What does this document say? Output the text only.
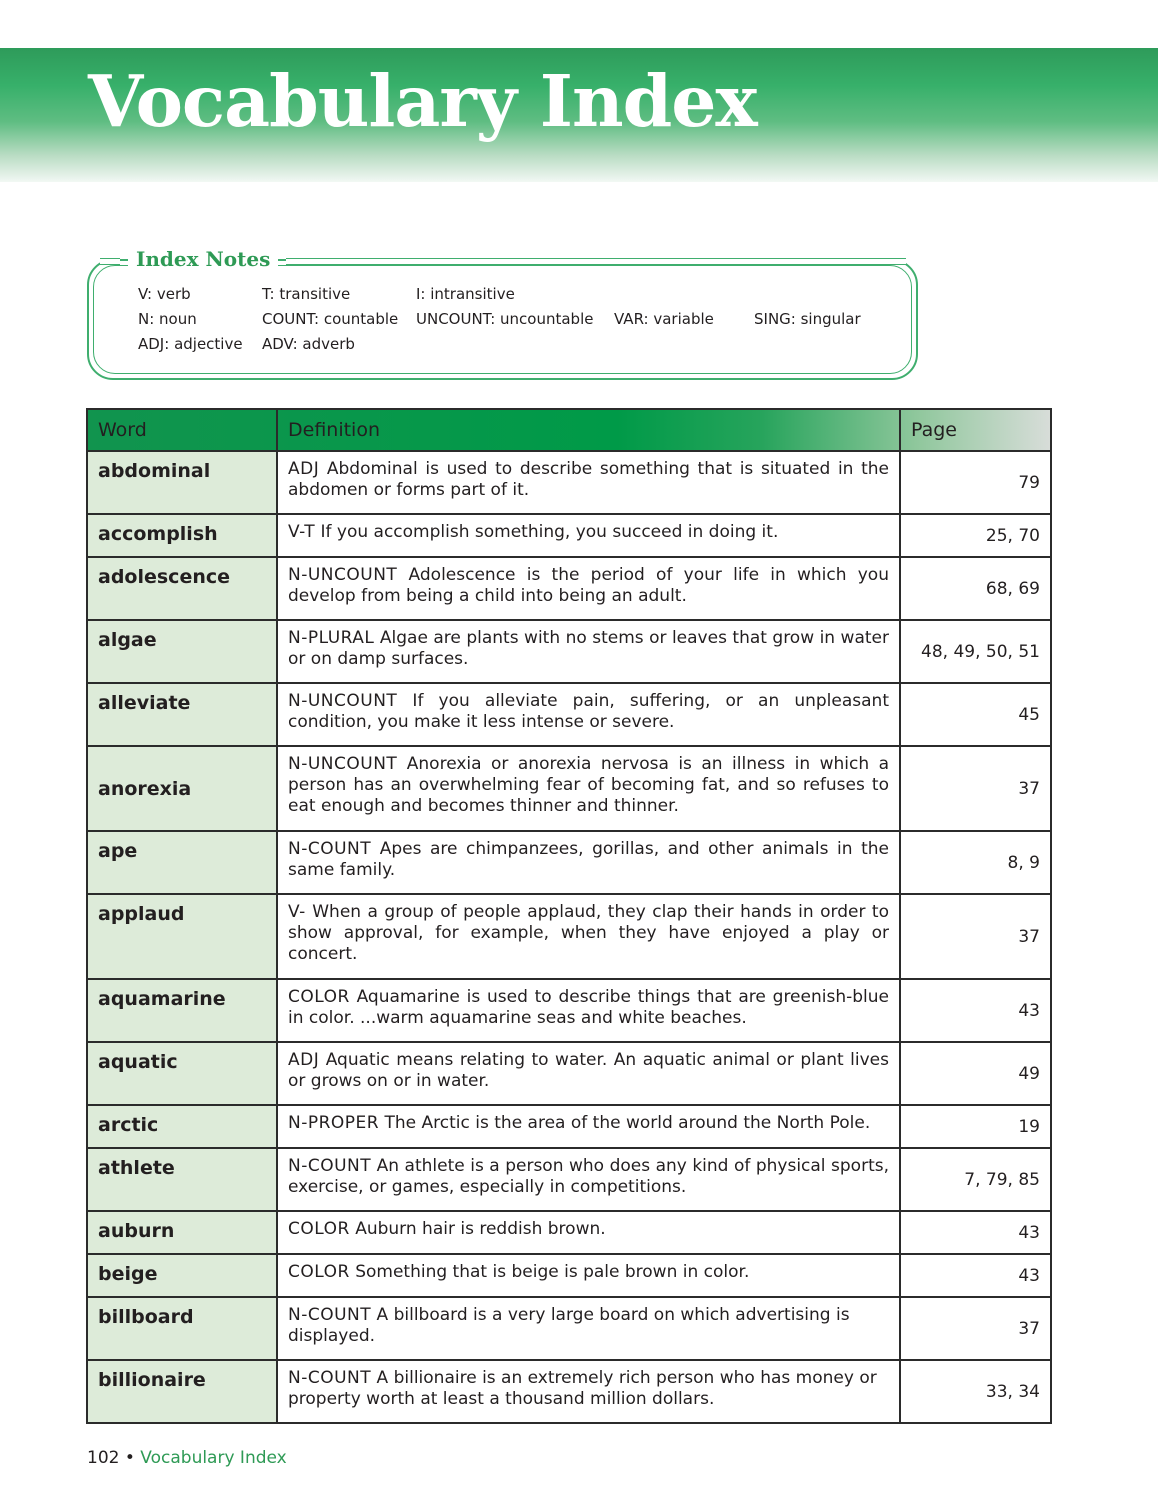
Vocabulary Index
Index Notes
V: verb	T: transitive	I: intransitive
N: noun	COUNT: countable UNCOUNT: uncountable VAR: variable	SING: singular
ADJ: adjective ADV: adverb
Word	Definition	Page
abdominal	ADJ Abdominal is used to describe something that is situated in the abdomen or forms part of it.	79
accomplish	V-T If you accomplish something, you succeed in doing it.	25, 70
adolescence	N-UNCOUNT Adolescence is the period of your life in which you develop from being a child into being an adult.	68, 69
algae	N-PLURAL Algae are plants with no stems or leaves that grow in water or on damp surfaces.	48, 49, 50, 51
alleviate	N-UNCOUNT If you alleviate pain, suffering, or an unpleasant condition, you make it less intense or severe.	45
anorexia	N-UNCOUNT Anorexia or anorexia nervosa is an illness in which a person has an overwhelming fear of becoming fat, and so refuses to eat enough and becomes thinner and thinner.	37
ape	N-COUNT Apes are chimpanzees, gorillas, and other animals in the same family.	8, 9
applaud	V- When a group of people applaud, they clap their hands in order to show approval, for example, when they have enjoyed a play or concert.	37
aquamarine	COLOR Aquamarine is used to describe things that are greenish-blue in color. ...warm aquamarine seas and white beaches.	43
aquatic	ADJ Aquatic means relating to water. An aquatic animal or plant lives or grows on or in water.	49
arctic	N-PROPER The Arctic is the area of the world around the North Pole.	19
athlete	N-COUNT An athlete is a person who does any kind of physical sports, exercise, or games, especially in competitions.	7, 79, 85
auburn	COLOR Auburn hair is reddish brown.	43
beige	COLOR Something that is beige is pale brown in color.	43
billboard	N-COUNT A billboard is a very large board on which advertising is displayed.	37
billionaire	N-COUNT A billionaire is an extremely rich person who has money or property worth at least a thousand million dollars.	33, 34
102 • Vocabulary Index
